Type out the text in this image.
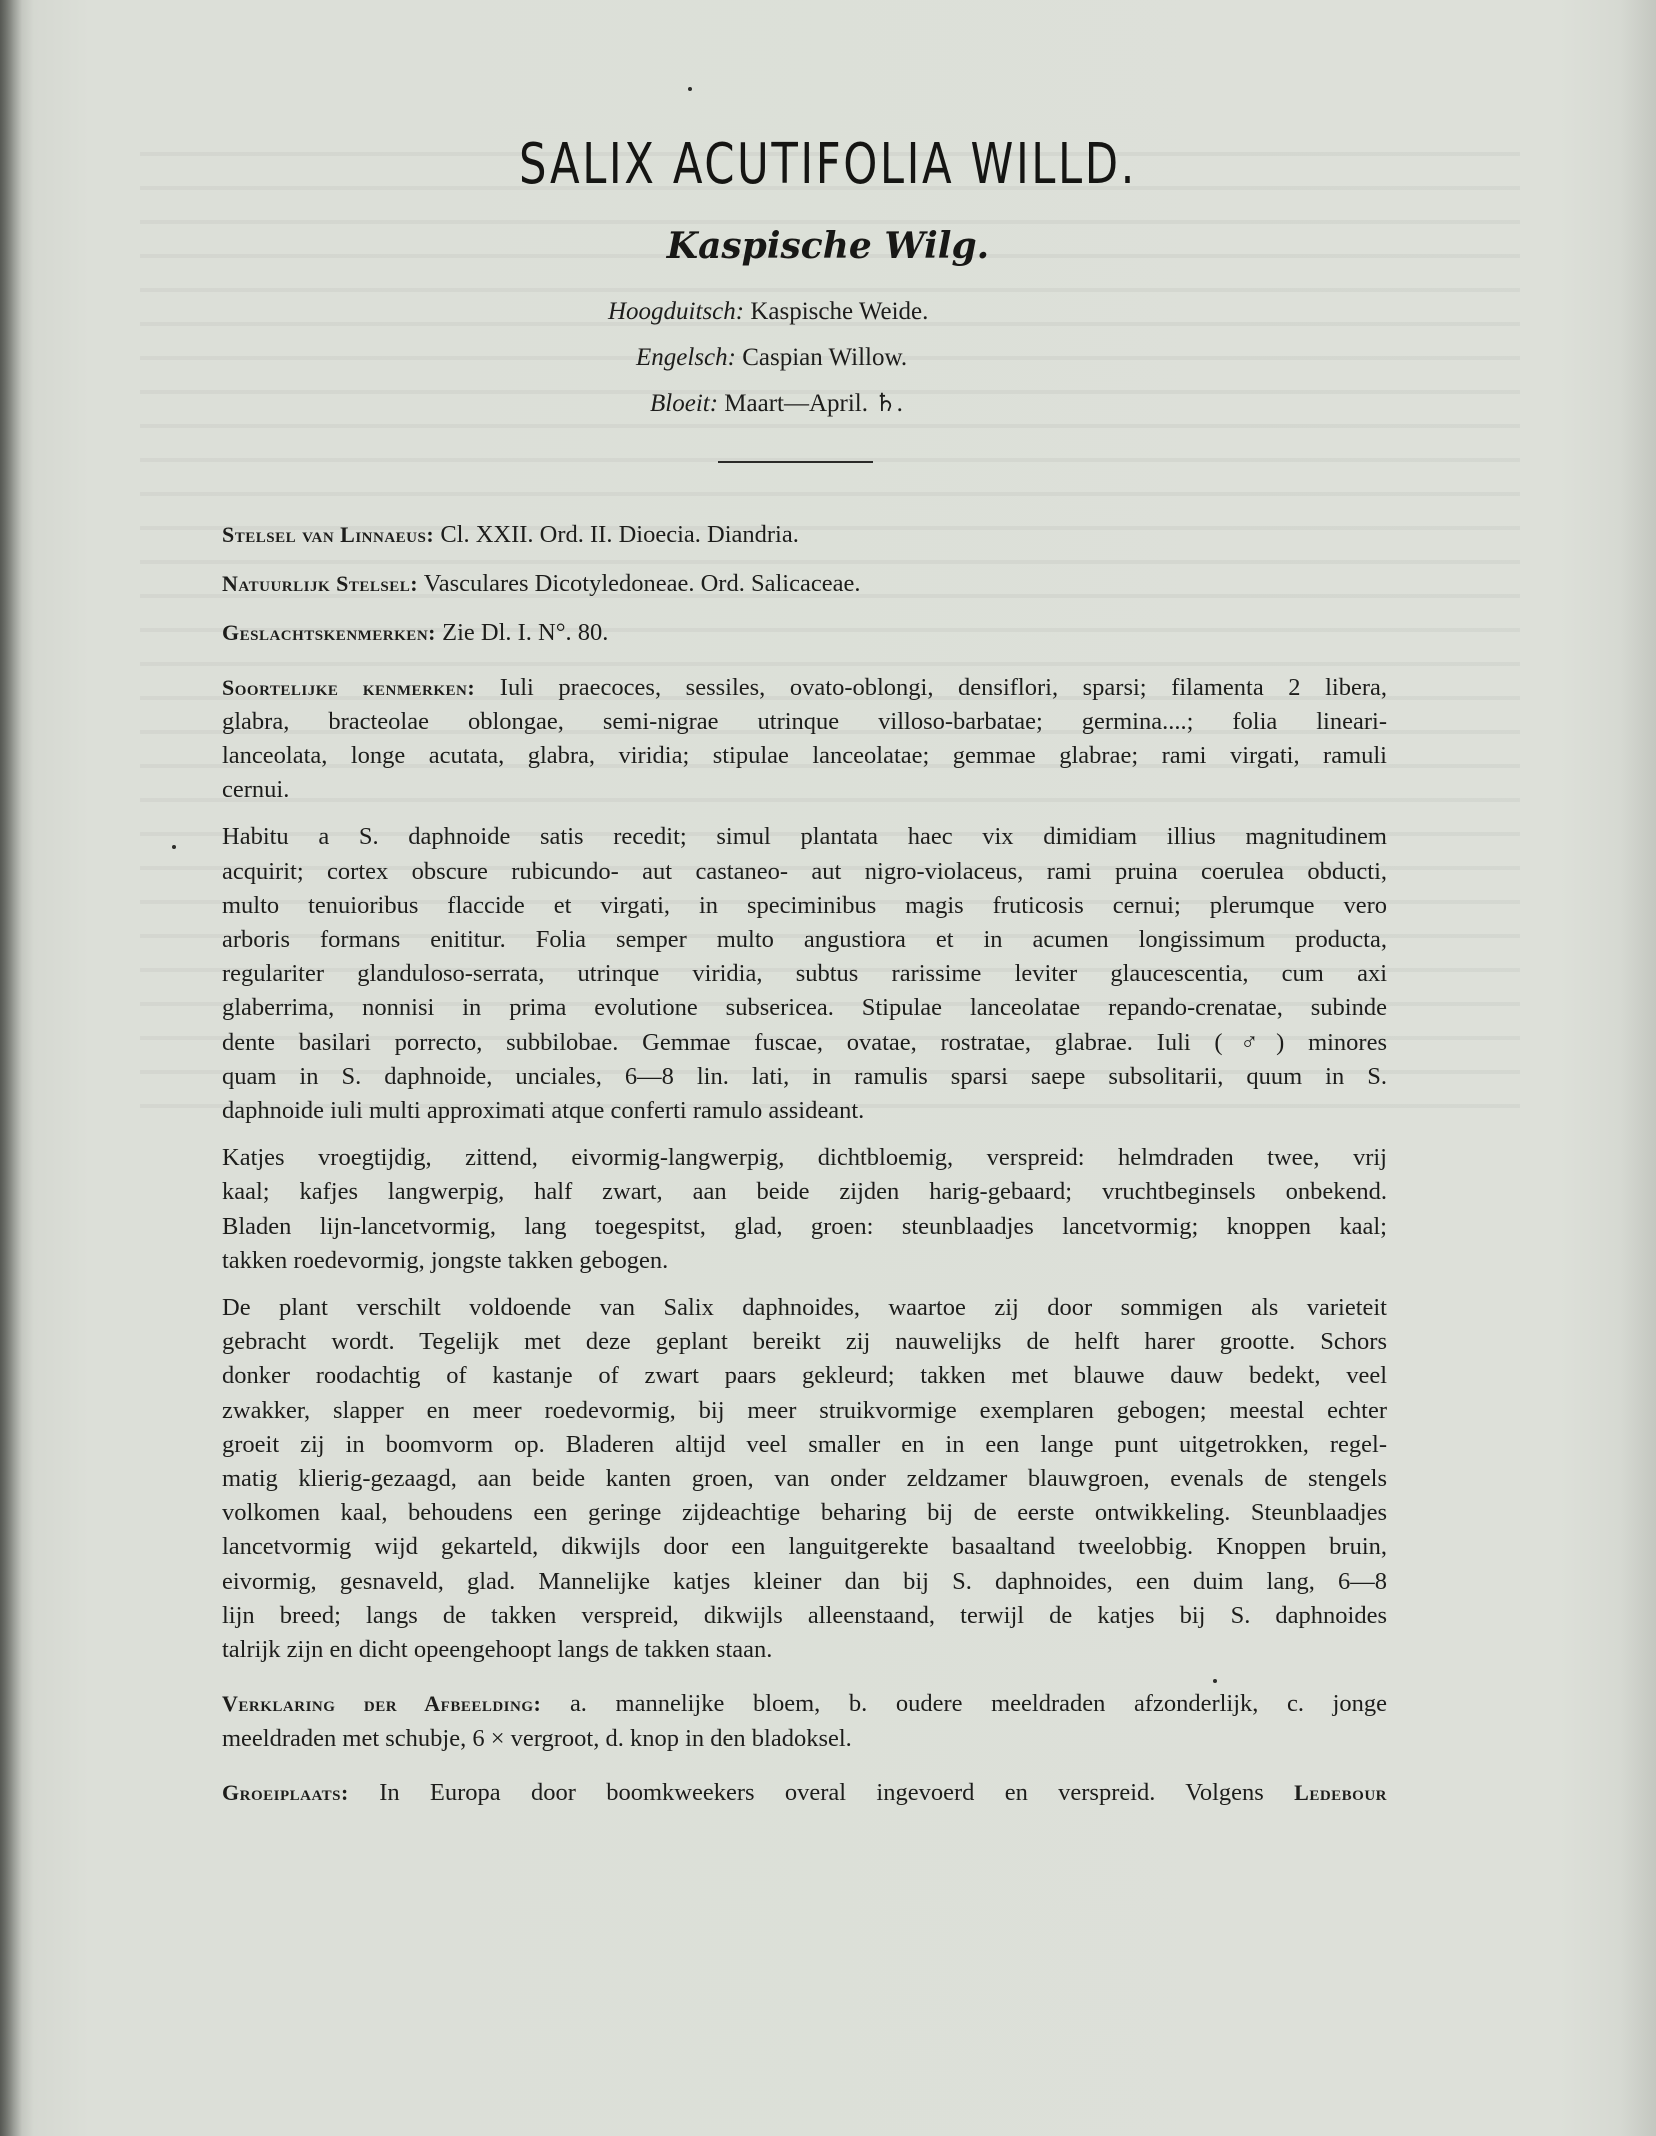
SALIX ACUTIFOLIA WILLD.
Kaspische Wilg.
Hoogduitsch: Kaspische Weide.
Engelsch: Caspian Willow.
Bloeit: Maart—April. ♄.

Stelsel van Linnaeus: Cl. XXII. Ord. II. Dioecia. Diandria.

Natuurlijk Stelsel: Vasculares Dicotyledoneae. Ord. Salicaceae.

Geslachtskenmerken: Zie Dl. I. N°. 80.

Soortelijke kenmerken: Iuli praecoces, sessiles, ovato-oblongi, densiflori, sparsi; filamenta 2 libera,
glabra, bracteolae oblongae, semi-nigrae utrinque villoso-barbatae; germina....; folia lineari-
lanceolata, longe acutata, glabra, viridia; stipulae lanceolatae; gemmae glabrae; rami virgati, ramuli
cernui.
Habitu a S. daphnoide satis recedit; simul plantata haec vix dimidiam illius magnitudinem
acquirit; cortex obscure rubicundo- aut castaneo- aut nigro-violaceus, rami pruina coerulea obducti,
multo tenuioribus flaccide et virgati, in speciminibus magis fruticosis cernui; plerumque vero
arboris formans enititur. Folia semper multo angustiora et in acumen longissimum producta,
regulariter glanduloso-serrata, utrinque viridia, subtus rarissime leviter glaucescentia, cum axi
glaberrima, nonnisi in prima evolutione subsericea. Stipulae lanceolatae repando-crenatae, subinde
dente basilari porrecto, subbilobae. Gemmae fuscae, ovatae, rostratae, glabrae. Iuli (♂) minores
quam in S. daphnoide, unciales, 6—8 lin. lati, in ramulis sparsi saepe subsolitarii, quum in S.
daphnoide iuli multi approximati atque conferti ramulo assideant.
Katjes vroegtijdig, zittend, eivormig-langwerpig, dichtbloemig, verspreid: helmdraden twee, vrij
kaal; kafjes langwerpig, half zwart, aan beide zijden harig-gebaard; vruchtbeginsels onbekend.
Bladen lijn-lancetvormig, lang toegespitst, glad, groen: steunblaadjes lancetvormig; knoppen kaal;
takken roedevormig, jongste takken gebogen.
De plant verschilt voldoende van Salix daphnoides, waartoe zij door sommigen als varieteit
gebracht wordt. Tegelijk met deze geplant bereikt zij nauwelijks de helft harer grootte. Schors
donker roodachtig of kastanje of zwart paars gekleurd; takken met blauwe dauw bedekt, veel
zwakker, slapper en meer roedevormig, bij meer struikvormige exemplaren gebogen; meestal echter
groeit zij in boomvorm op. Bladeren altijd veel smaller en in een lange punt uitgetrokken, regel-
matig klierig-gezaagd, aan beide kanten groen, van onder zeldzamer blauwgroen, evenals de stengels
volkomen kaal, behoudens een geringe zijdeachtige beharing bij de eerste ontwikkeling. Steunblaadjes
lancetvormig wijd gekarteld, dikwijls door een languitgerekte basaaltand tweelobbig. Knoppen bruin,
eivormig, gesnaveld, glad. Mannelijke katjes kleiner dan bij S. daphnoides, een duim lang, 6—8
lijn breed; langs de takken verspreid, dikwijls alleenstaand, terwijl de katjes bij S. daphnoides
talrijk zijn en dicht opeengehoopt langs de takken staan.
Verklaring der Afbeelding: a. mannelijke bloem, b. oudere meeldraden afzonderlijk, c. jonge
meeldraden met schubje, 6 × vergroot, d. knop in den bladoksel.
Groeiplaats: In Europa door boomkweekers overal ingevoerd en verspreid. Volgens Ledebour
